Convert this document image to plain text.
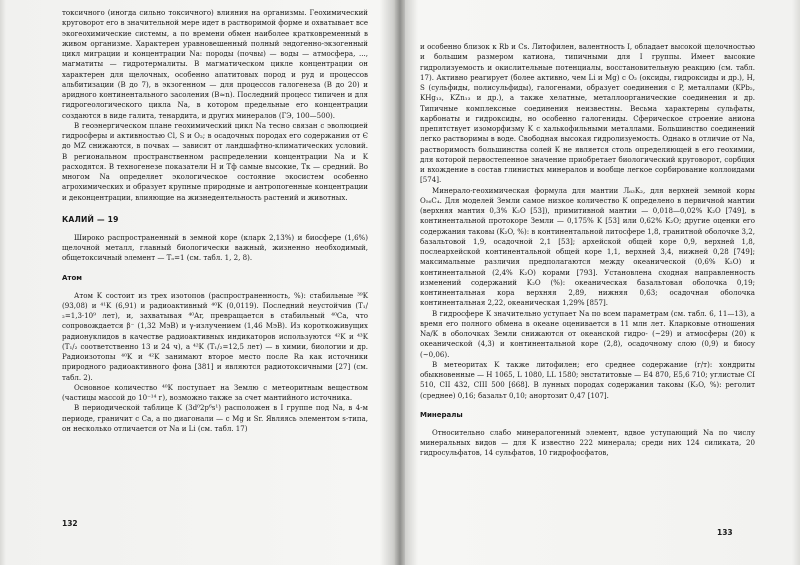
токсичного (иногда сильно токсичного) влияния на организмы. Геохимический круговорот его в значительной мере идет в растворимой форме и охватывает все экогеохимические системы, а по времени обмен наиболее кратковременный в живом организме. Характерен уравновешенный полный эндогенно-экзогенный цикл миграции и концентрации Na: породы (почвы) — воды — атмосфера, ..., магматиты — гидротермалиты. В магматическом цикле концентрации он характерен для щелочных, особенно апатитовых пород и руд и процессов альбитизации (В до 7), в экзогенном — для процессов галогенеза (В до 20) и аридного континентального засоления (В≈n). Последний процесс типичен и для гидрогеологического цикла Na, в котором предельные его концентрации создаются в виде галита, тенардита, и других минералов (ГЭ, 100—500).

В геоэнергическом плане геохимический цикл Na тесно связан с эволюцией гидросферы и активностью Cl, S и O₂; в осадочных породах его содержания от Є до MZ снижаются, в почвах — зависят от ландшафтно-климатических условий. В региональном пространственном распределении концентрации Na и K расходятся. В техногенезе показатели H и Тф самые высокие, Тк — средний. Во многом Na определяет экологическое состояние экосистем особенно агрохимических и образует крупные природные и антропогенные концентрации и деконцентрации, влияющие на жизнедеятельность растений и животных.

КАЛИЙ — 19

Широко распространенный в земной коре (кларк 2,13%) и биосфере (1,6%) щелочной металл, главный биологически важный, жизненно необходимый, общетоксичный элемент — Тₒ=1 (см. табл. 1, 2, 8).

Атом

Атом K состоит из трех изотопов (распространенность, %): стабильные ³⁹K (93,08) и ⁴¹K (6,91) и радиоактивный ⁴⁰K (0,0119). Последний неустойчив (T₁/₂=1,3·10⁹ лет), и, захватывая ⁴⁰Ar, превращается в стабильный ⁴⁰Ca, что сопровождается β⁻ (1,32 МэВ) и γ-излучением (1,46 МэВ). Из короткоживущих радионуклидов в качестве радиоактивных индикаторов используются ⁴²K и ⁴³K (T₁/₂ соответственно 13 и 24 ч), а ⁴²K (T₁/₂=12,5 лет) — в химии, биологии и др. Радиоизотопы ⁴⁰K и ⁴²K занимают второе место после Ra как источники природного радиоактивного фона [381] и являются радиотоксичными [27] (см. табл. 2).

Основное количество ⁴⁰K поступает на Землю с метеоритным веществом (частицы массой до 10⁻¹⁴ г), возможно также за счет мантийного источника.

В периодической таблице K (3d⁰2p⁶s¹) расположен в I группе под Na, в 4-м периоде, граничит с Ca, а по диагонали — с Mg и Sr. Являясь элементом s-типа, он несколько отличается от Na и Li (см. табл. 17)

132

и особенно близок к Rb и Cs. Литофилен, валентность I, обладает высокой щелочностью и большим размером катиона, типичными для I группы. Имеет высокие гидролизуемость и окислительные потенциалы, восстановительную реакцию (см. табл. 17). Активно реагирует (более активно, чем Li и Mg) с O₂ (оксиды, гидроксиды и др.), H, S (сульфиды, полисульфиды), галогенами, образует соединения с P, металлами (KPb₂, KHg₁₃, KZn₁₃ и др.), а также хелатные, металлоорганические соединения и др. Типичные комплексные соединения неизвестны. Весьма характерны сульфаты, карбонаты и гидроксиды, но особенно галогениды. Сферическое строение аниона препятствует изоморфизму K с халькофильными металлами. Большинство соединений легко растворимы в воде. Свободная высокая гидролизуемость. Однако в отличие от Na, растворимость большинства солей K не является столь определяющей в его геохимии, для которой первостепенное значение приобретает биологический круговорот, сорбция и вхождение в состав глинистых минералов и вообще легкое сорбирование коллоидами [574].

Минерало-геохимическая формула для мантии Л₆₃K₂, для верхней земной коры O₅₆C₄. Для моделей Земли самое низкое количество K определено в первичной мантии (верхняя мантия 0,3% K₂O [53]), примитивной мантии — 0,018—0,02% K₂O [749], в континентальной протокоре Земли — 0,175% K [53] или 0,62% K₂O; другие оценки его содержания таковы (K₂O, %): в континентальной литосфере 1,8, гранитной оболочке 3,2, базальтовой 1,9, осадочной 2,1 [53]; архейской общей коре 0,9, верхней 1,8, послеархейской континентальной общей коре 1,1, верхней 3,4, нижней 0,28 [749]; максимальные различия предполагаются между океанической (0,6% K₂O) и континентальной (2,4% K₂O) корами [793]. Установлена сходная направленность изменений содержаний K₂O (%): океаническая базальтовая оболочка 0,19; континентальная кора верхняя 2,89, нижняя 0,63; осадочная оболочка континентальная 2,22, океаническая 1,29% [857].

В гидросфере K значительно уступает Na по всем параметрам (см. табл. 6, 11—13), а время его полного обмена в океане оценивается в 11 млн лет. Кларковые отношения Na/K в оболочках Земли снижаются от океанской гидро- (~29) и атмосферы (20) к океанической (4,3) и континентальной коре (2,8), осадочному слою (0,9) и биосу (~0,06).

В метеоритах K также литофилен; его среднее содержание (г/т): хондриты обыкновенные — H 1065, L 1080, LL 1580; энстатитовые — E4 870, E5,6 710; углистые CI 510, CII 432, CIII 500 [668]. В лунных породах содержания таковы (K₂O, %): реголит (среднее) 0,16; базальт 0,10; анортозит 0,47 [107].

Минералы

Относительно слабо минералогенный элемент, вдвое уступающий Na по числу минеральных видов — для K известно 222 минерала; среди них 124 силиката, 20 гидросульфатов, 14 сульфатов, 10 гидрофосфатов,

133
